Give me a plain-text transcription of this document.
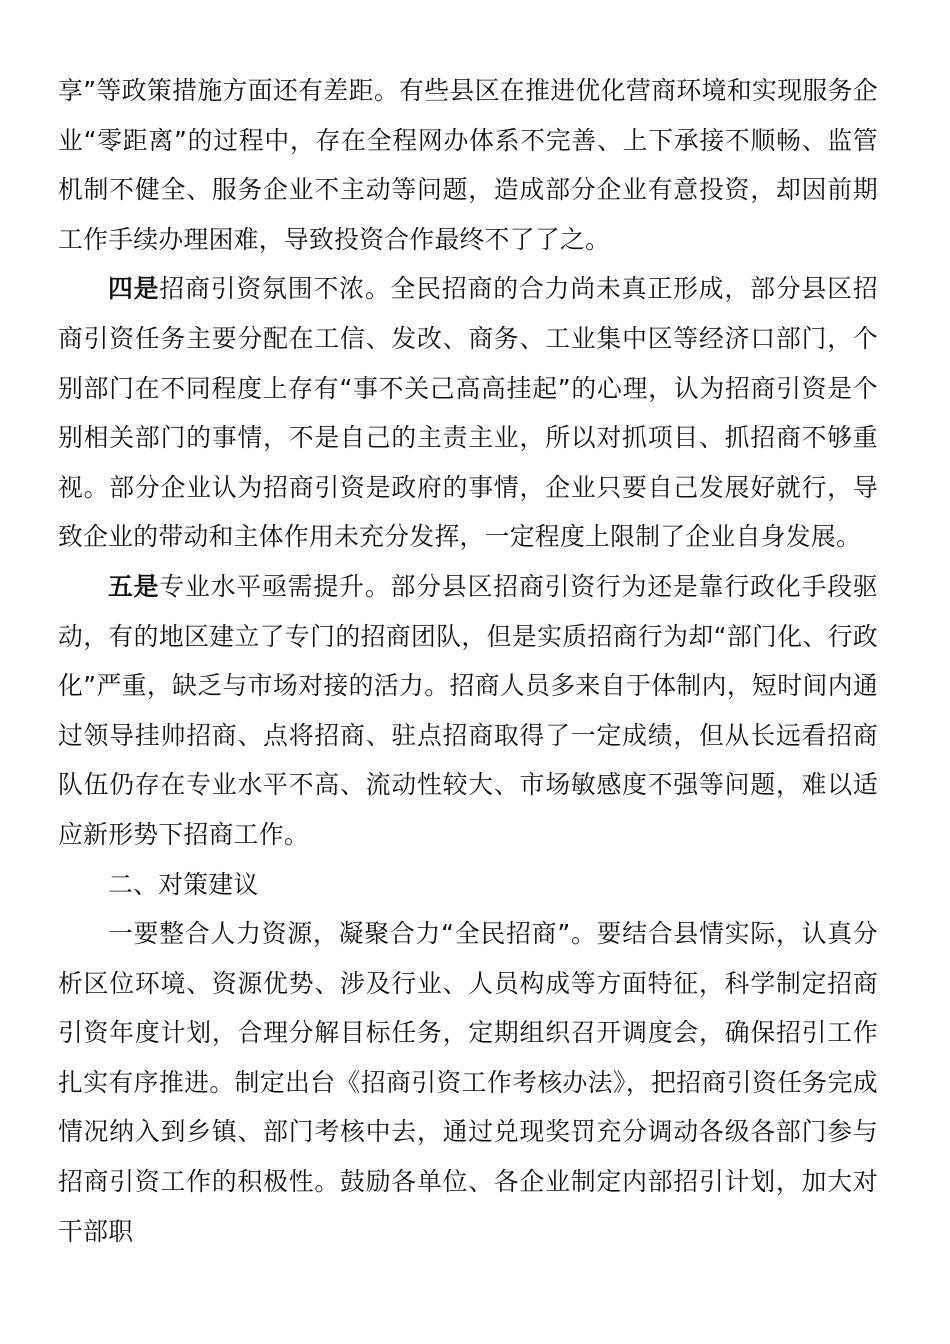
享”等政策措施方面还有差距。有些县区在推进优化营商环境和实现服务企业“零距离”的过程中，存在全程网办体系不完善、上下承接不顺畅、监管机制不健全、服务企业不主动等问题，造成部分企业有意投资，却因前期工作手续办理困难，导致投资合作最终不了了之。

四是招商引资氛围不浓。全民招商的合力尚未真正形成，部分县区招商引资任务主要分配在工信、发改、商务、工业集中区等经济口部门，个别部门在不同程度上存有“事不关己高高挂起”的心理，认为招商引资是个别相关部门的事情，不是自己的主责主业，所以对抓项目、抓招商不够重视。部分企业认为招商引资是政府的事情，企业只要自己发展好就行，导致企业的带动和主体作用未充分发挥，一定程度上限制了企业自身发展。

五是专业水平亟需提升。部分县区招商引资行为还是靠行政化手段驱动，有的地区建立了专门的招商团队，但是实质招商行为却“部门化、行政化”严重，缺乏与市场对接的活力。招商人员多来自于体制内，短时间内通过领导挂帅招商、点将招商、驻点招商取得了一定成绩，但从长远看招商队伍仍存在专业水平不高、流动性较大、市场敏感度不强等问题，难以适应新形势下招商工作。

二、对策建议

一要整合人力资源，凝聚合力“全民招商”。要结合县情实际，认真分析区位环境、资源优势、涉及行业、人员构成等方面特征，科学制定招商引资年度计划，合理分解目标任务，定期组织召开调度会，确保招引工作扎实有序推进。制定出台《招商引资工作考核办法》，把招商引资任务完成情况纳入到乡镇、部门考核中去，通过兑现奖罚充分调动各级各部门参与招商引资工作的积极性。鼓励各单位、各企业制定内部招引计划，加大对干部职
